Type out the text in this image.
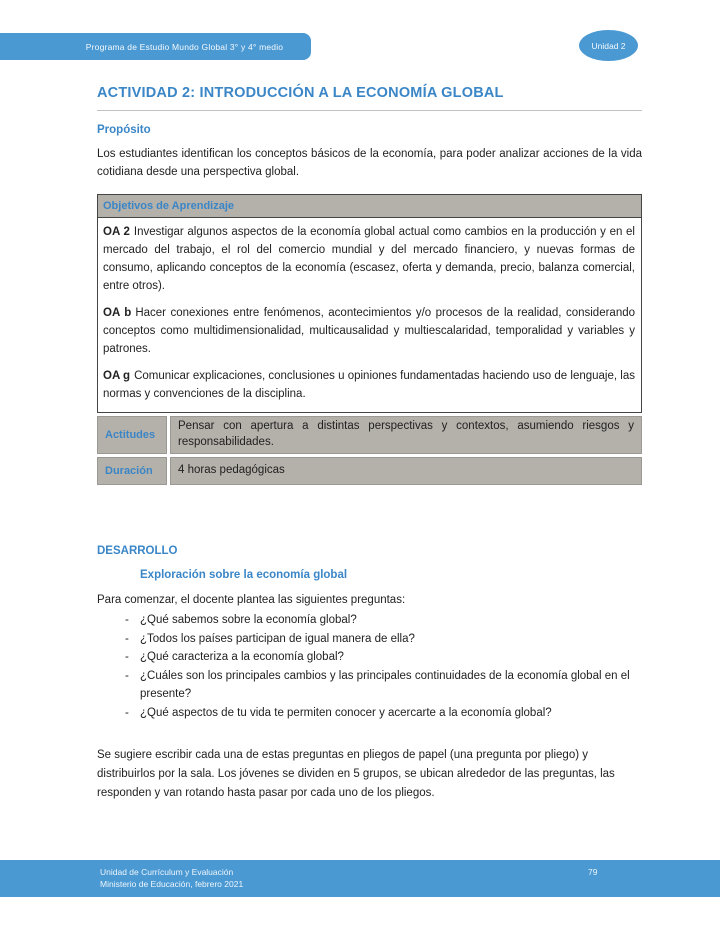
Programa de Estudio Mundo Global 3° y 4° medio	Unidad 2
ACTIVIDAD 2: INTRODUCCIÓN A LA ECONOMÍA GLOBAL
Propósito

Los estudiantes identifican los conceptos básicos de la economía, para poder analizar acciones de la vida cotidiana desde una perspectiva global.

Objetivos de Aprendizaje

OA 2 Investigar algunos aspectos de la economía global actual como cambios en la producción y en el mercado del trabajo, el rol del comercio mundial y del mercado financiero, y nuevas formas de consumo, aplicando conceptos de la economía (escasez, oferta y demanda, precio, balanza comercial, entre otros).

OA b Hacer conexiones entre fenómenos, acontecimientos y/o procesos de la realidad, considerando conceptos como multidimensionalidad, multicausalidad y multiescalaridad, temporalidad y variables y patrones.

OA g Comunicar explicaciones, conclusiones u opiniones fundamentadas haciendo uso de lenguaje, las normas y convenciones de la disciplina.

Actitudes
Pensar con apertura a distintas perspectivas y contextos, asumiendo riesgos y responsabilidades.
Duración	4 horas pedagógicas
DESARROLLO
Exploración sobre la economía global

Para comenzar, el docente plantea las siguientes preguntas:

- ¿Qué sabemos sobre la economía global?
- ¿Todos los países participan de igual manera de ella?
- ¿Qué caracteriza a la economía global?
- ¿Cuáles son los principales cambios y las principales continuidades de la economía global en el presente?
- ¿Qué aspectos de tu vida te permiten conocer y acercarte a la economía global?

Se sugiere escribir cada una de estas preguntas en pliegos de papel (una pregunta por pliego) y distribuirlos por la sala. Los jóvenes se dividen en 5 grupos, se ubican alrededor de las preguntas, las responden y van rotando hasta pasar por cada uno de los pliegos.

Unidad de Currículum y Evaluación
Ministerio de Educación, febrero 2021
79
